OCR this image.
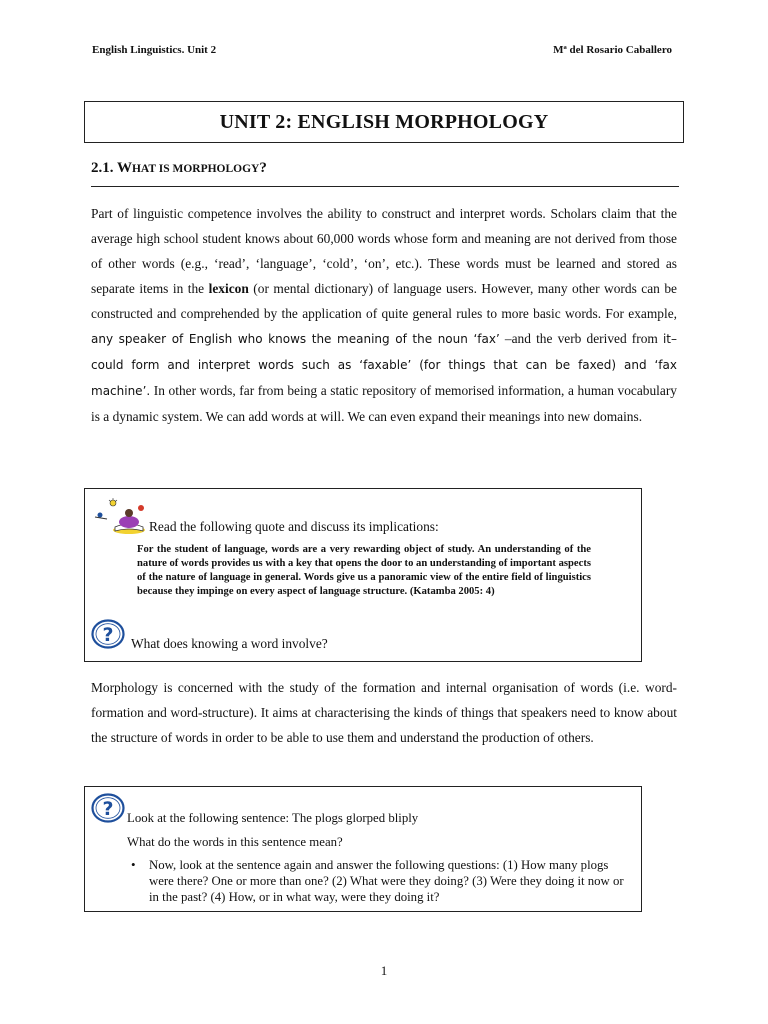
English Linguistics. Unit 2	Mª del Rosario Caballero
UNIT 2: ENGLISH MORPHOLOGY
2.1. WHAT IS MORPHOLOGY?

Part of linguistic competence involves the ability to construct and interpret words. Scholars claim that the average high school student knows about 60,000 words whose form and meaning are not derived from those of other words (e.g., ‘read’, ‘language’, ‘cold’, ‘on’, etc.). These words must be learned and stored as separate items in the lexicon (or mental dictionary) of language users. However, many other words can be constructed and comprehended by the application of quite general rules to more basic words. For example, any speaker of English who knows the meaning of the noun ‘fax’ –and the verb derived from it– could form and interpret words such as ‘faxable’ (for things that can be faxed) and ‘fax machine’. In other words, far from being a static repository of memorised information, a human vocabulary is a dynamic system. We can add words at will. We can even expand their meanings into new domains.

Read the following quote and discuss its implications:

For the student of language, words are a very rewarding object of study. An understanding of the nature of words provides us with a key that opens the door to an understanding of important aspects of the nature of language in general. Words give us a panoramic view of the entire field of linguistics because they impinge on every aspect of language structure. (Katamba 2005: 4)

? What does knowing a word involve?

Morphology is concerned with the study of the formation and internal organisation of words (i.e. word-formation and word-structure). It aims at characterising the kinds of things that speakers need to know about the structure of words in order to be able to use them and understand the production of others.

? Look at the following sentence: The plogs glorped bliply
What do the words in this sentence mean?
• Now, look at the sentence again and answer the following questions: (1) How many plogs were there? One or more than one? (2) What were they doing? (3) Were they doing it now or in the past? (4) How, or in what way, were they doing it?
1
